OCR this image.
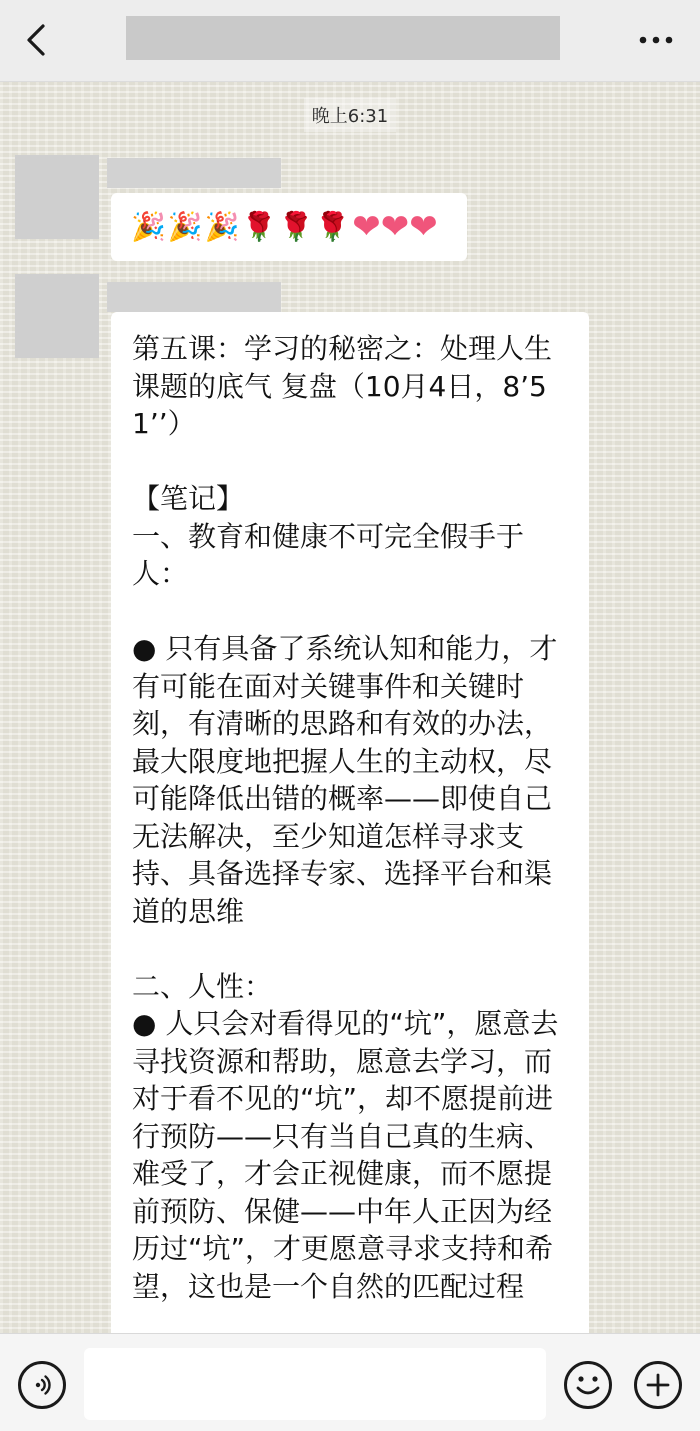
晚上6:31
🎉 🎉 🎉 🌹 🌹 🌹 ❤ ❤ ❤
第五课：学习的秘密之：处理人生课题的底气 复盘（10月4日，8’51’’）
【笔记】
一、教育和健康不可完全假手于人：
● 只有具备了系统认知和能力，才有可能在面对关键事件和关键时刻，有清晰的思路和有效的办法，最大限度地把握人生的主动权，尽可能降低出错的概率——即使自己无法解决，至少知道怎样寻求支持、具备选择专家、选择平台和渠道的思维
二、人性：
● 人只会对看得见的“坑”，愿意去寻找资源和帮助，愿意去学习，而对于看不见的“坑”，却不愿提前进行预防——只有当自己真的生病、难受了，才会正视健康，而不愿提前预防、保健——中年人正因为经历过“坑”，才更愿意寻求支持和希望，这也是一个自然的匹配过程
